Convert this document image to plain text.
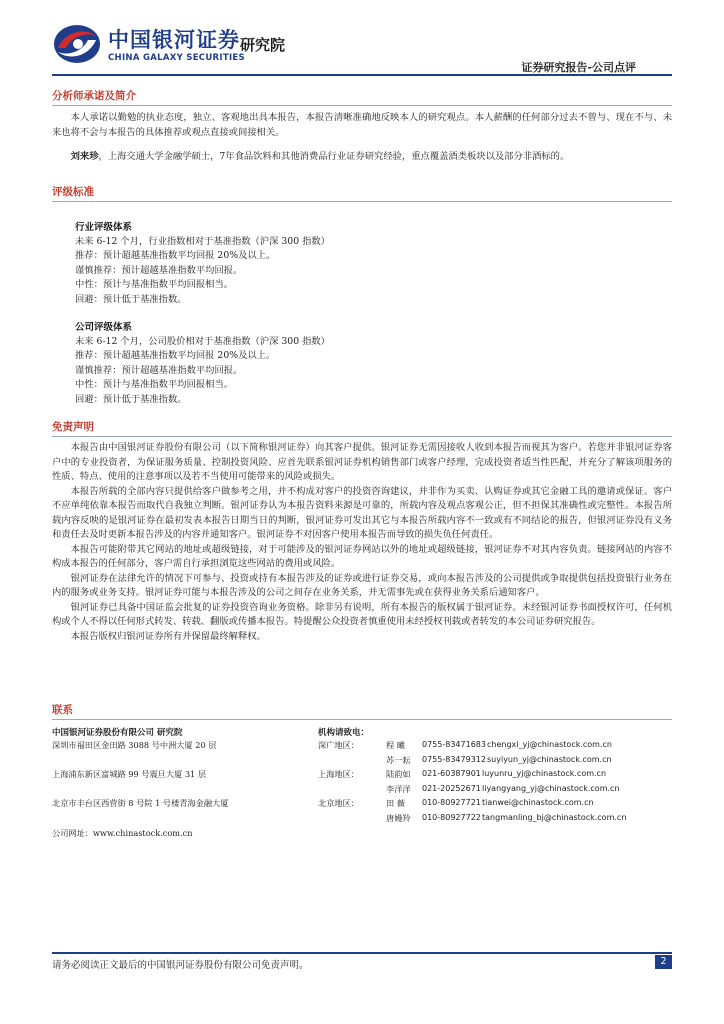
中国银河证券
CHINA GALAXY SECURITIES
研究院
证券研究报告-公司点评
分析师承诺及简介
本人承诺以勤勉的执业态度，独立、客观地出具本报告，本报告清晰准确地反映本人的研究观点。本人薪酬的任何部分过去不曾与、现在不与、未来也将不会与本报告的具体推荐或观点直接或间接相关。
刘来珍，上海交通大学金融学硕士，7年食品饮料和其他消费品行业证券研究经验，重点覆盖酒类板块以及部分非酒标的。
评级标准
行业评级体系
未来 6-12 个月，行业指数相对于基准指数（沪深 300 指数）
推荐：预计超越基准指数平均回报 20%及以上。
谨慎推荐：预计超越基准指数平均回报。
中性：预计与基准指数平均回报相当。
回避：预计低于基准指数。
公司评级体系
未来 6-12 个月，公司股价相对于基准指数（沪深 300 指数）
推荐：预计超越基准指数平均回报 20%及以上。
谨慎推荐：预计超越基准指数平均回报。
中性：预计与基准指数平均回报相当。
回避：预计低于基准指数。
免责声明

本报告由中国银河证券股份有限公司（以下简称银河证券）向其客户提供。银河证券无需因接收人收到本报告而视其为客户。若您并非银河证券客户中的专业投资者，为保证服务质量、控制投资风险、应首先联系银河证券机构销售部门或客户经理，完成投资者适当性匹配，并充分了解该项服务的性质、特点、使用的注意事项以及若不当使用可能带来的风险或损失。

本报告所载的全部内容只提供给客户做参考之用，并不构成对客户的投资咨询建议，并非作为买卖、认购证券或其它金融工具的邀请或保证。客户不应单纯依靠本报告而取代自我独立判断。银河证券认为本报告资料来源是可靠的，所载内容及观点客观公正，但不担保其准确性或完整性。本报告所载内容反映的是银河证券在最初发表本报告日期当日的判断，银河证券可发出其它与本报告所载内容不一致或有不同结论的报告，但银河证券没有义务和责任去及时更新本报告涉及的内容并通知客户。银河证券不对因客户使用本报告而导致的损失负任何责任。

本报告可能附带其它网站的地址或超级链接，对于可能涉及的银河证券网站以外的地址或超级链接，银河证券不对其内容负责。链接网站的内容不构成本报告的任何部分，客户需自行承担浏览这些网站的费用或风险。

银河证券在法律允许的情况下可参与、投资或持有本报告涉及的证券或进行证券交易，或向本报告涉及的公司提供或争取提供包括投资银行业务在内的服务或业务支持。银河证券可能与本报告涉及的公司之间存在业务关系，并无需事先或在获得业务关系后通知客户。

银河证券已具备中国证监会批复的证券投资咨询业务资格。除非另有说明，所有本报告的版权属于银河证券。未经银河证券书面授权许可，任何机构或个人不得以任何形式转发、转载、翻版或传播本报告。特提醒公众投资者慎重使用未经授权刊载或者转发的本公司证券研究报告。

本报告版权归银河证券所有并保留最终解释权。

联系
中国银河证券股份有限公司 研究院	机构请致电：
深圳市福田区金田路 3088 号中洲大厦 20 层
上海浦东新区富城路 99 号震旦大厦 31 层
北京市丰台区西营街 8 号院 1 号楼青海金融大厦
公司网址：www.chinastock.com.cn
深广地区：
上海地区：
北京地区：
程 曦 0755-83471683 chengxi_yj@chinastock.com.cn
苏一耘 0755-83479312 suyiyun_yj@chinastock.com.cn
陆韵如 021-60387901 luyunru_yj@chinastock.com.cn
李洋洋 021-20252671 liyangyang_yj@chinastock.com.cn
田 薇 010-80927721 tianwei@chinastock.com.cn
唐嫚羚 010-80927722 tangmanling_bj@chinastock.com.cn
请务必阅读正文最后的中国银河证券股份有限公司免责声明。	2
